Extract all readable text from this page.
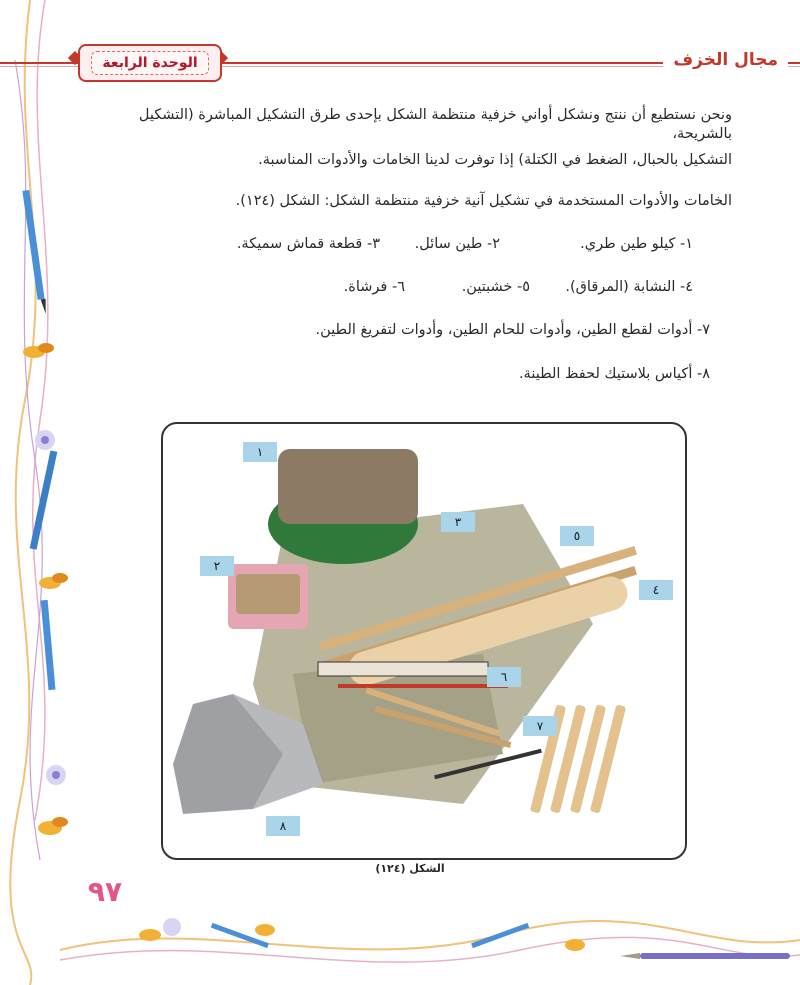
مجال الخزف
الوحدة الرابعة
ونحن نستطيع أن ننتج ونشكل أواني خزفية منتظمة الشكل بإحدى طرق التشكيل المباشرة (التشكيل بالشريحة،
التشكيل بالحبال، الضغط في الكتلة) إذا توفرت لدينا الخامات والأدوات المناسبة.
الخامات والأدوات المستخدمة في تشكيل آنية خزفية منتظمة الشكل: الشكل (١٢٤).
١- كيلو طين طري.
٢- طين سائل.
٣- قطعة قماش سميكة.
٤- النشابة (المرقاق).
٥- خشبتين.
٦- فرشاة.
٧- أدوات لقطع الطين، وأدوات للحام الطين، وأدوات لتفريغ الطين.
٨- أكياس بلاستيك لحفظ الطينة.
١
٢
٣
٤
٥
٦
٧
٨
الشكل (١٢٤)
٩٧
